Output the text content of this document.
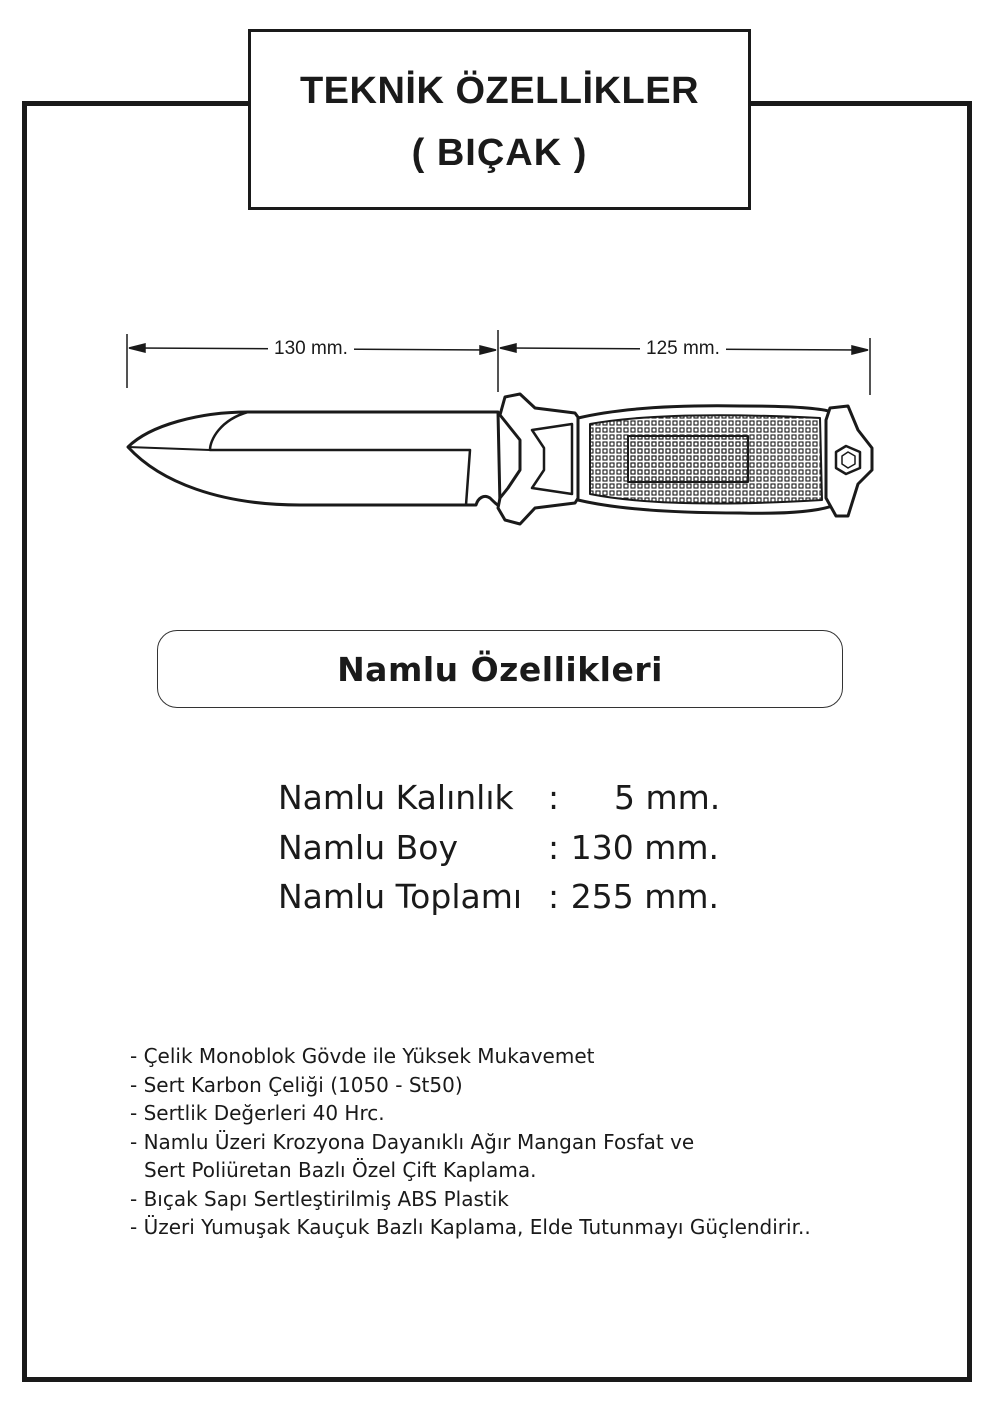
TEKNİK ÖZELLİKLER
( BIÇAK )
130 mm.	125 mm.
Namlu Özellikleri
Namlu Kalınlık : 5 mm.
Namlu Boy	: 130 mm.
Namlu Toplamı : 255 mm.
- Çelik Monoblok Gövde ile Yüksek Mukavemet
- Sert Karbon Çeliği (1050 - St50)
- Sertlik Değerleri 40 Hrc.
- Namlu Üzeri Krozyona Dayanıklı Ağır Mangan Fosfat ve
Sert Poliüretan Bazlı Özel Çift Kaplama.
- Bıçak Sapı Sertleştirilmiş ABS Plastik
- Üzeri Yumuşak Kauçuk Bazlı Kaplama, Elde Tutunmayı Güçlendirir..
